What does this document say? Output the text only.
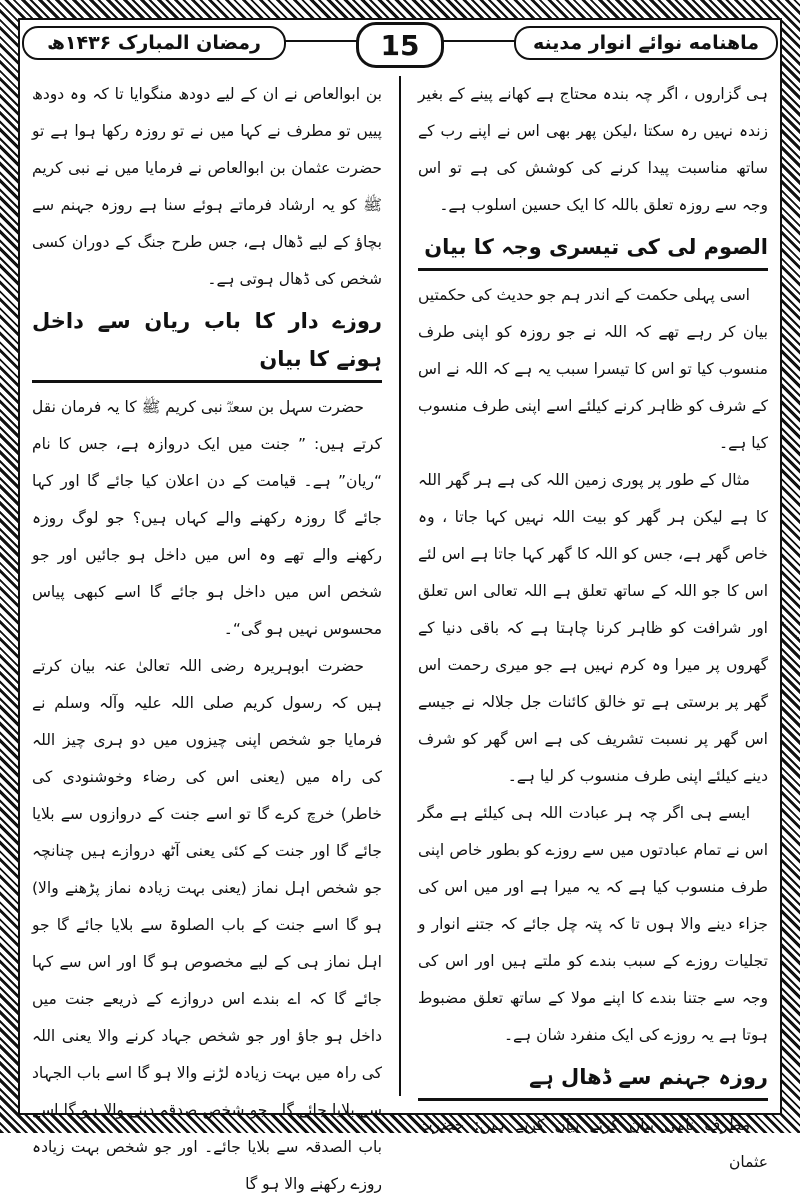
ماهنامه نوائے انوار مدینه
15
رمضان المبارک ۱۴۳۶ھ

ہی گزاروں ، اگر چہ بندہ محتاج ہے کھانے پینے کے بغیر زندہ نہیں رہ سکتا ،لیکن پھر بھی اس نے اپنے رب کے ساتھ مناسبت پیدا کرنے کی کوشش کی ہے تو اس وجہ سے روزہ تعلق باللہ کا ایک حسین اسلوب ہے۔

الصوم لی کی تیسری وجہ کا بیان

اسی پہلی حکمت کے اندر ہم جو حدیث کی حکمتیں بیان کر رہے تھے کہ اللہ نے جو روزہ کو اپنی طرف منسوب کیا تو اس کا تیسرا سبب یہ ہے کہ اللہ نے اس کے شرف کو ظاہر کرنے کیلئے اسے اپنی طرف منسوب کیا ہے۔

مثال کے طور پر پوری زمین اللہ کی ہے ہر گھر اللہ کا ہے لیکن ہر گھر کو بیت اللہ نہیں کہا جاتا ، وہ خاص گھر ہے، جس کو اللہ کا گھر کہا جاتا ہے اس لئے اس کا جو اللہ کے ساتھ تعلق ہے اللہ تعالی اس تعلق اور شرافت کو ظاہر کرنا چاہتا ہے کہ باقی دنیا کے گھروں پر میرا وہ کرم نہیں ہے جو میری رحمت اس گھر پر برستی ہے تو خالق کائنات جل جلالہ نے جیسے اس گھر پر نسبت تشریف کی ہے اس گھر کو شرف دینے کیلئے اپنی طرف منسوب کر لیا ہے۔

ایسے ہی اگر چہ ہر عبادت اللہ ہی کیلئے ہے مگر اس نے تمام عبادتوں میں سے روزے کو بطور خاص اپنی طرف منسوب کیا ہے کہ یہ میرا ہے اور میں اس کی جزاء دینے والا ہوں تا کہ پتہ چل جائے کہ جتنے انوار و تجلیات روزے کے سبب بندے کو ملتے ہیں اور اس کی وجہ سے جتنا بندے کا اپنے مولا کے ساتھ تعلق مضبوط ہوتا ہے یہ روزے کی ایک منفرد شان ہے۔

روزہ جہنم سے ڈھال ہے

مطرف نامی بیان کرتے بیان کرتے ہیں: حضرت عثمان

بن ابوالعاص نے ان کے لیے دودھ منگوایا تا کہ وہ دودھ پییں تو مطرف نے کہا میں نے تو روزہ رکھا ہوا ہے تو حضرت عثمان بن ابوالعاص نے فرمایا میں نے نبی کریم ﷺ کو یہ ارشاد فرماتے ہوئے سنا ہے روزہ جہنم سے بچاؤ کے لیے ڈھال ہے، جس طرح جنگ کے دوران کسی شخص کی ڈھال ہوتی ہے۔

روزے دار کا باب ریان سے داخل ہونے کا بیان

حضرت سہل بن سعدؓ نبی کریم ﷺ کا یہ فرمان نقل کرتے ہیں: ” جنت میں ایک دروازہ ہے، جس کا نام “ریان” ہے۔ قیامت کے دن اعلان کیا جائے گا اور کہا جائے گا روزہ رکھنے والے کہاں ہیں؟ جو لوگ روزہ رکھنے والے تھے وہ اس میں داخل ہو جائیں اور جو شخص اس میں داخل ہو جائے گا اسے کبھی پیاس محسوس نہیں ہو گی“۔

حضرت ابوہریرہ رضی اللہ تعالیٰ عنہ بیان کرتے ہیں کہ رسول کریم صلی اللہ علیہ وآلہ وسلم نے فرمایا جو شخص اپنی چیزوں میں دو ہری چیز اللہ کی راہ میں (یعنی اس کی رضاء وخوشنودی کی خاطر) خرچ کرے گا تو اسے جنت کے دروازوں سے بلایا جائے گا اور جنت کے کئی یعنی آٹھ دروازے ہیں چنانچہ جو شخص اہل نماز (یعنی بہت زیادہ نماز پڑھنے والا) ہو گا اسے جنت کے باب الصلوۃ سے بلایا جائے گا جو اہل نماز ہی کے لیے مخصوص ہو گا اور اس سے کہا جائے گا کہ اے بندے اس دروازے کے ذریعے جنت میں داخل ہو جاؤ اور جو شخص جہاد کرنے والا یعنی اللہ کی راہ میں بہت زیادہ لڑنے والا ہو گا اسے باب الجہاد سے بلایا جائے گا۔ جو شخص صدقہ دینے والا ہو گا اسے باب الصدقہ سے بلایا جائے۔ اور جو شخص بہت زیادہ روزے رکھنے والا ہو گا
